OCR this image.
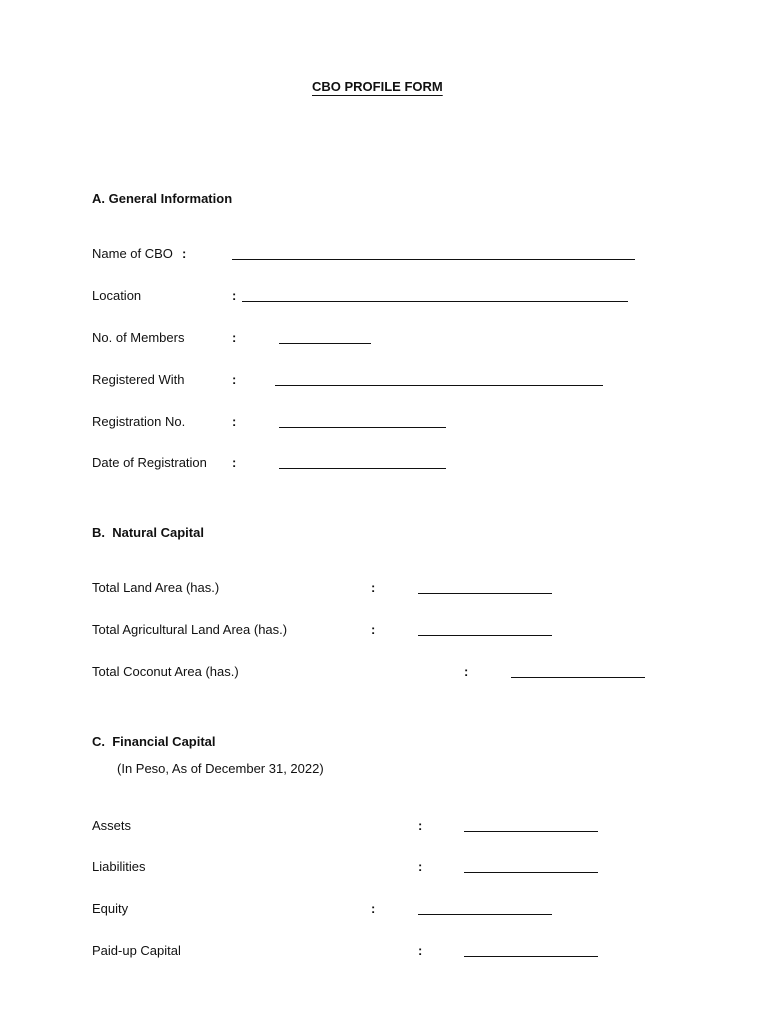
CBO PROFILE FORM
A. General Information
Name of CBO :
Location	:
No. of Members	:
Registered With	:
Registration No.	:
Date of Registration :
B.  Natural Capital
Total Land Area (has.)	:
Total Agricultural Land Area (has.)	:
Total Coconut Area (has.)	:
C.  Financial Capital
(In Peso, As of December 31, 2022)
Assets	:
Liabilities	:
Equity	:
Paid-up Capital	:
